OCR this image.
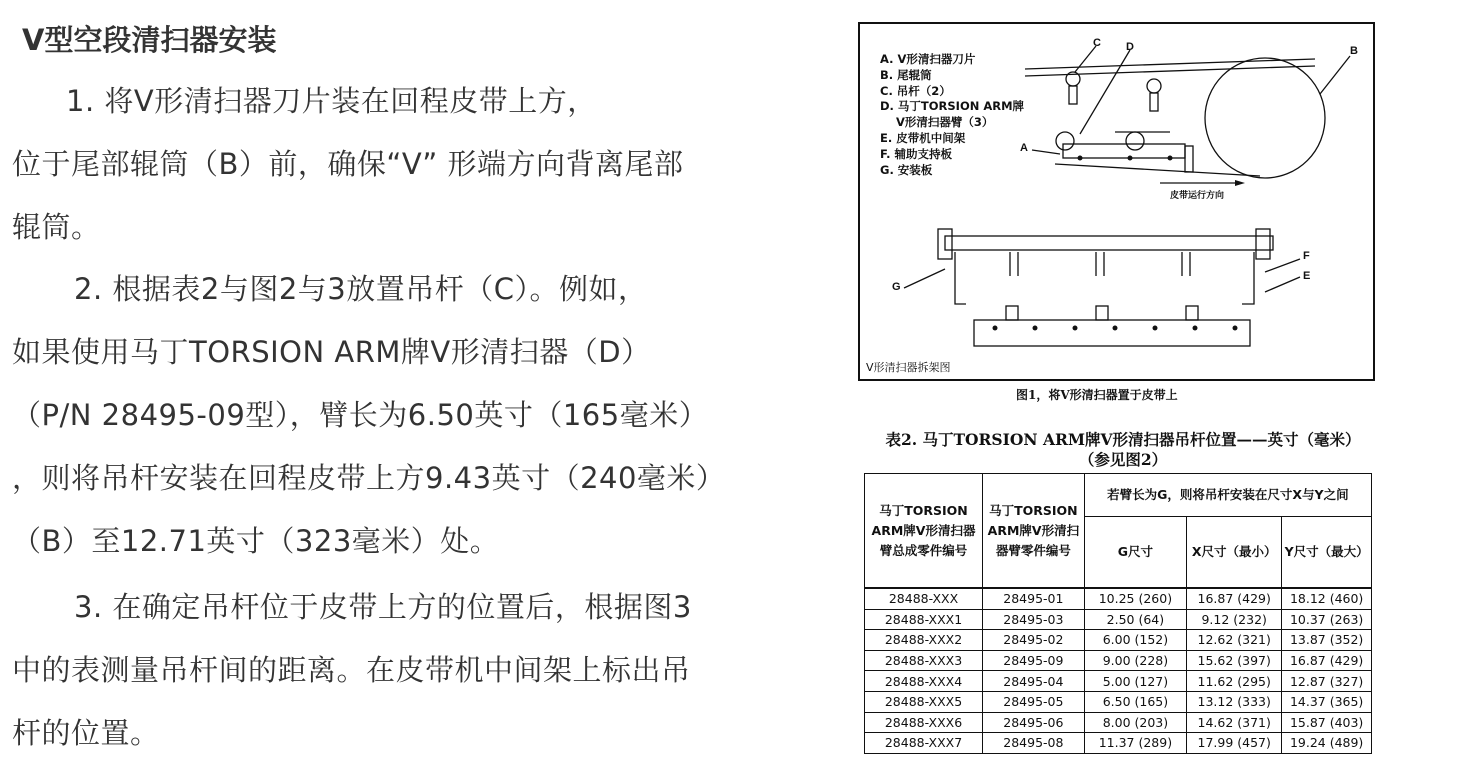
V型空段清扫器安装
1. 将V形清扫器刀片装在回程皮带上方，
位于尾部辊筒（B）前，确保“V” 形端方向背离尾部
辊筒。
2. 根据表2与图2与3放置吊杆（C）。例如，
如果使用马丁TORSION ARM牌V形清扫器（D）
（P/N 28495-09型），臂长为6.50英寸（165毫米）
，则将吊杆安装在回程皮带上方9.43英寸（240毫米）
（B）至12.71英寸（323毫米）处。
3. 在确定吊杆位于皮带上方的位置后，根据图3
中的表测量吊杆间的距离。在皮带机中间架上标出吊
杆的位置。
C D	B
A
F
E
G
皮带运行方向
A. V形清扫器刀片
B. 尾辊筒
C. 吊杆（2）
D. 马丁TORSION ARM牌
V形清扫器臂（3）
E. 皮带机中间架
F. 辅助支持板
G. 安装板
V形清扫器拆架图
图1，将V形清扫器置于皮带上
表2. 马丁TORSION ARM牌V形清扫器吊杆位置——英寸（毫米）
（参见图2）
马丁TORSION ARM牌V形清扫器臂总成零件编号	马丁TORSION ARM牌V形清扫器臂零件编号	若臂长为G，则将吊杆安装在尺寸X与Y之间		
		G尺寸	X尺寸（最小）	Y尺寸（最大）
28488-XXX	28495-01	10.25 (260)	16.87 (429)	18.12 (460)
28488-XXX1	28495-03	2.50 (64)	9.12 (232)	10.37 (263)
28488-XXX2	28495-02	6.00 (152)	12.62 (321)	13.87 (352)
28488-XXX3	28495-09	9.00 (228)	15.62 (397)	16.87 (429)
28488-XXX4	28495-04	5.00 (127)	11.62 (295)	12.87 (327)
28488-XXX5	28495-05	6.50 (165)	13.12 (333)	14.37 (365)
28488-XXX6	28495-06	8.00 (203)	14.62 (371)	15.87 (403)
28488-XXX7	28495-08	11.37 (289)	17.99 (457)	19.24 (489)
